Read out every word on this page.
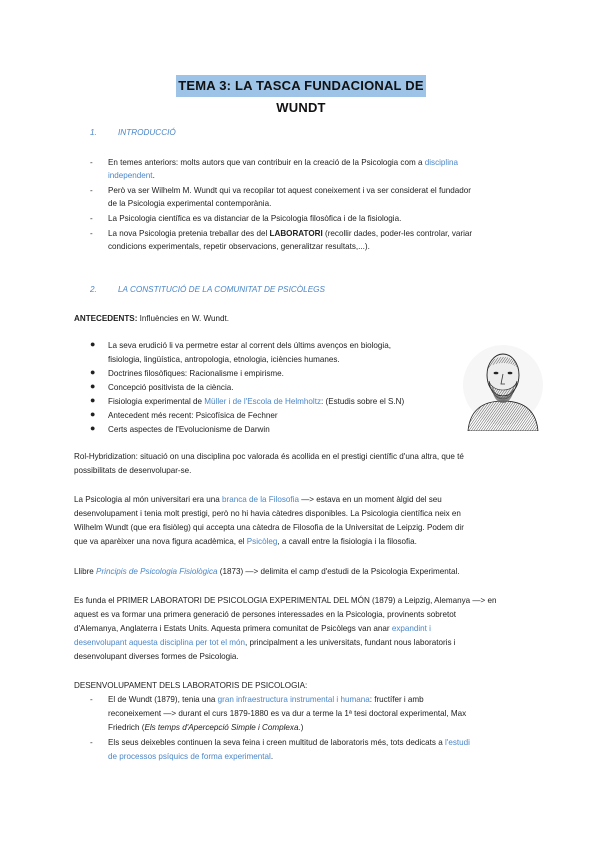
TEMA 3: LA TASCA FUNDACIONAL DE WUNDT
1.	INTRODUCCIÓ
- En temes anteriors: molts autors que van contribuir en la creació de la Psicologia com a disciplina
independent.
- Però va ser Wilhelm M. Wundt qui va recopilar tot aquest coneixement i va ser considerat el fundador
de la Psicologia experimental contemporània.
- La Psicologia científica es va distanciar de la Psicologia filosòfica i de la fisiologia.
- La nova Psicologia pretenia treballar des del LABORATORI (recollir dades, poder-les controlar, variar
condicions experimentals, repetir observacions, generalitzar resultats,...).
2.	LA CONSTITUCIÓ DE LA COMUNITAT DE PSICÒLEGS
ANTECEDENTS: Influències en W. Wundt.
● La seva erudició li va permetre estar al corrent dels últims avenços en biologia,
fisiologia, lingüística, antropologia, etnologia, iciències humanes.
● Doctrines filosòfiques: Racionalisme i empirisme.
● Concepció positivista de la ciència.
● Fisiologia experimental de Müller i de l'Escola de Helmholtz: (Estudis sobre el S.N)
● Antecedent més recent: Psicofísica de Fechner
● Certs aspectes de l'Evolucionisme de Darwin
Rol-Hybridization: situació on una disciplina poc valorada és acollida en el prestigi científic d'una altra, que té
possibilitats de desenvolupar-se.
La Psicologia al món universitari era una branca de la Filosofia —> estava en un moment àlgid del seu
desenvolupament i tenia molt prestigi, però no hi havia càtedres disponibles. La Psicologia científica neix en
Wilhelm Wundt (que era fisiòleg) qui accepta una càtedra de Filosofia de la Universitat de Leipzig. Podem dir
que va aparèixer una nova figura acadèmica, el Psicòleg, a cavall entre la fisiologia i la filosofia.
Llibre Principis de Psicologia Fisiològica (1873) —> delimita el camp d'estudi de la Psicologia Experimental.
Es funda el PRIMER LABORATORI DE PSICOLOGIA EXPERIMENTAL DEL MÓN (1879) a Leipzig, Alemanya —> en
aquest es va formar una primera generació de persones interessades en la Psicologia, provinents sobretot
d'Alemanya, Anglaterra i Estats Units. Aquesta primera comunitat de Psicòlegs van anar expandint i
desenvolupant aquesta disciplina per tot el món, principalment a les universitats, fundant nous laboratoris i
desenvolupant diverses formes de Psicologia.
DESENVOLUPAMENT DELS LABORATORIS DE PSICOLOGIA:
- El de Wundt (1879), tenia una gran infraestructura instrumental i humana: fructífer i amb
reconeixement —> durant el curs 1879-1880 es va dur a terme la 1ª tesi doctoral experimental, Max
Friedrich (Els temps d'Apercepció Simple i Complexa.)
- Els seus deixebles continuen la seva feina i creen multitud de laboratoris més, tots dedicats a l'estudi
de processos psíquics de forma experimental.
